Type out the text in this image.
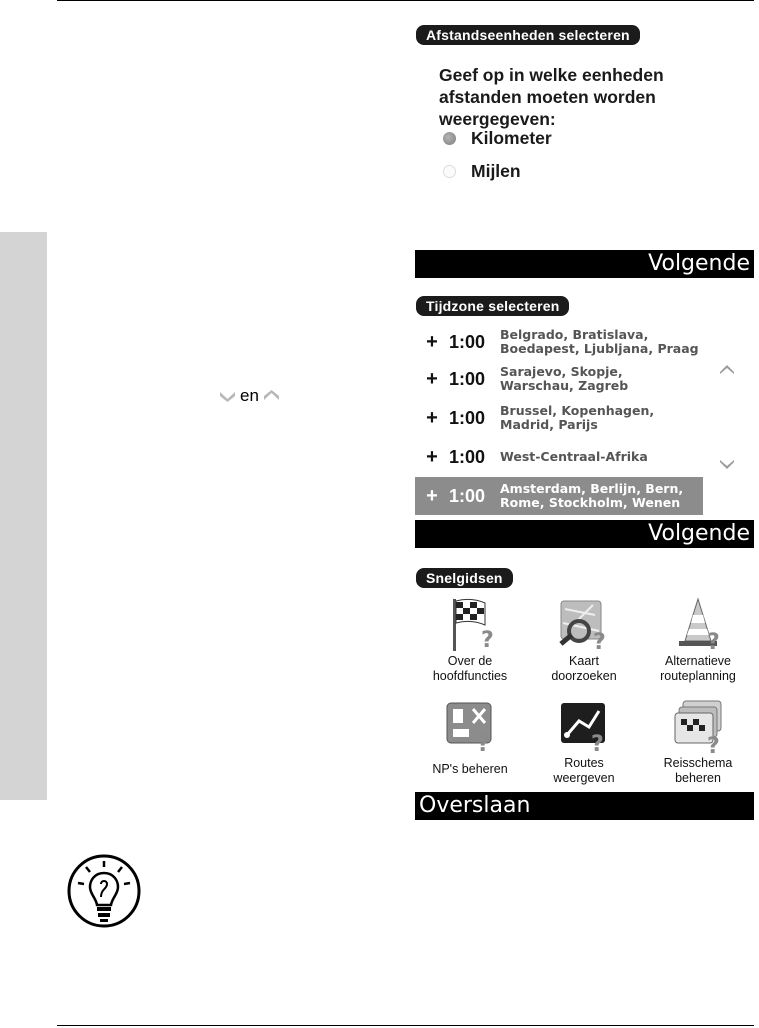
en
Afstandseenheden selecteren
Geef op in welke eenheden afstanden moeten worden weergegeven:
Kilometer
Mijlen
Volgende
Tijdzone selecteren
+ 1:00	Belgrado, Bratislava, Boedapest, Ljubljana, Praag
+ 1:00	Sarajevo, Skopje, Warschau, Zagreb
+ 1:00	Brussel, Kopenhagen, Madrid, Parijs
+ 1:00	West-Centraal-Afrika
+ 1:00	Amsterdam, Berlijn, Bern, Rome, Stockholm, Wenen
Volgende
Snelgidsen
?
Over de
hoofdfuncties
?
Kaart
doorzoeken
?
Alternatieve
routeplanning
?
NP's beheren
?
Routes
weergeven
?
Reisschema
beheren
Overslaan
